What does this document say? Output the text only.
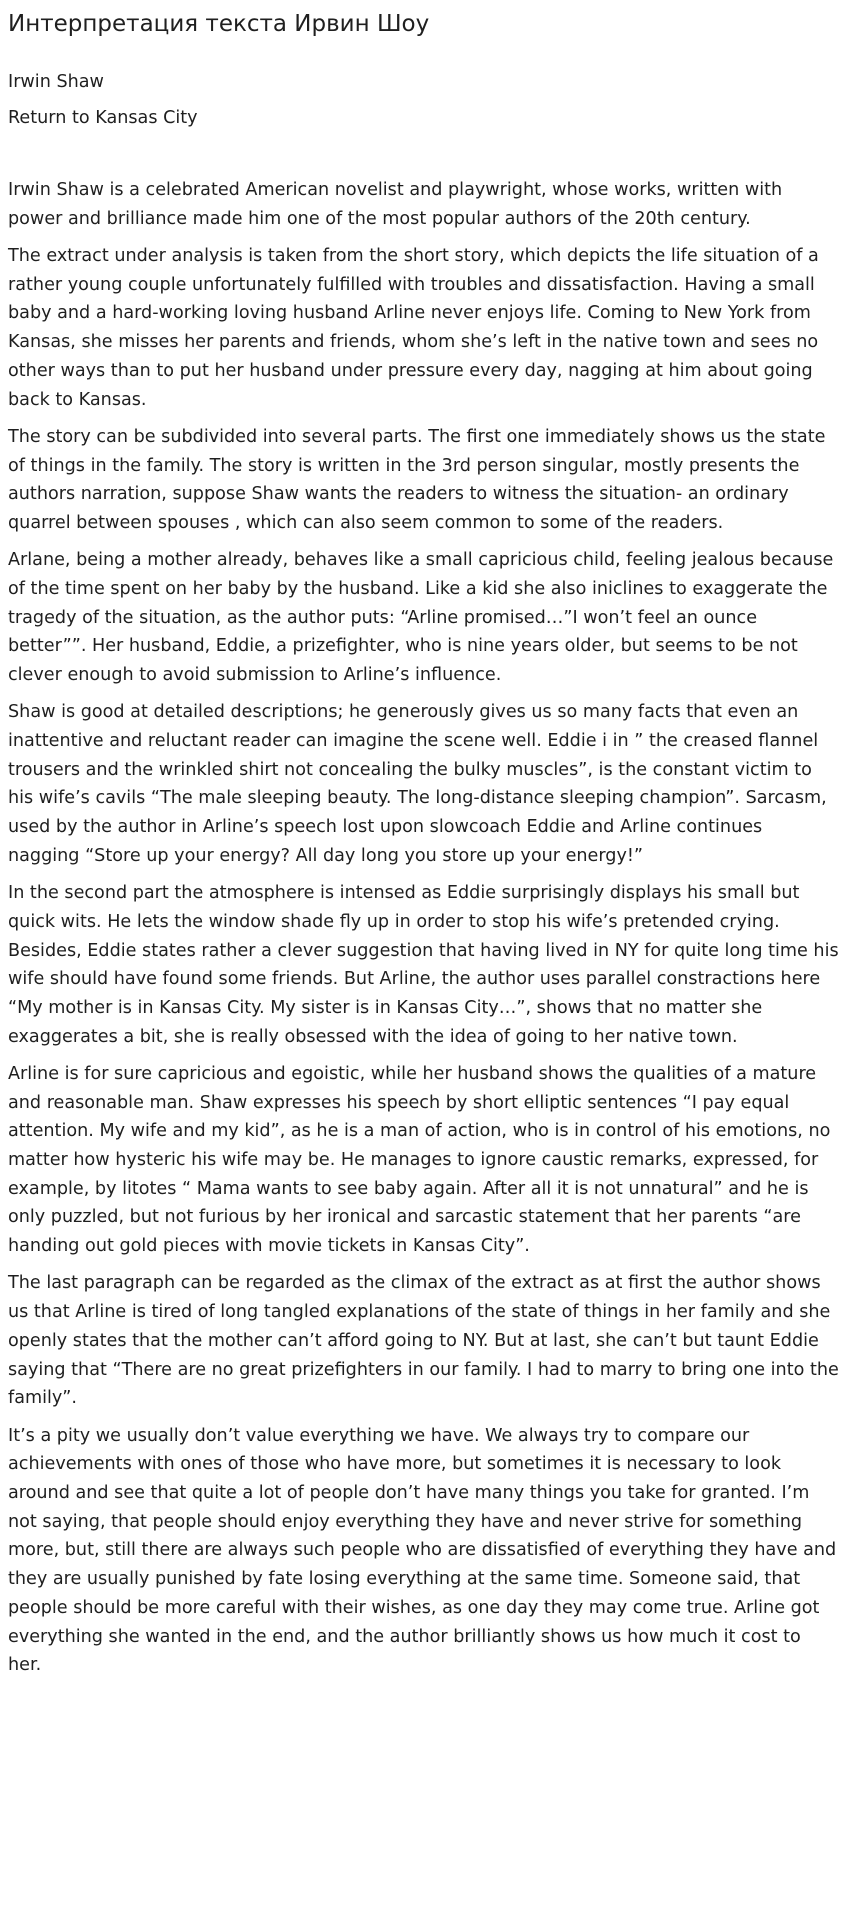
Интерпретация текста Ирвин Шоу
Irwin Shaw
Return to Kansas City

Irwin Shaw is a celebrated American novelist and playwright, whose works, written with power and brilliance made him one of the most popular authors of the 20th century.

The extract under analysis is taken from the short story, which depicts the life situation of a rather young couple unfortunately fulfilled with troubles and dissatisfaction. Having a small baby and a hard-working loving husband Arline never enjoys life. Coming to New York from Kansas, she misses her parents and friends, whom she’s left in the native town and sees no other ways than to put her husband under pressure every day, nagging at him about going back to Kansas.

The story can be subdivided into several parts. The first one immediately shows us the state of things in the family. The story is written in the 3rd person singular, mostly presents the authors narration, suppose Shaw wants the readers to witness the situation- an ordinary quarrel between spouses , which can also seem common to some of the readers.

Arlane, being a mother already, behaves like a small capricious child, feeling jealous because of the time spent on her baby by the husband. Like a kid she also iniclines to exaggerate the tragedy of the situation, as the author puts: “Arline promised…”I won’t feel an ounce better””. Her husband, Eddie, a prizefighter, who is nine years older, but seems to be not clever enough to avoid submission to Arline’s influence.

Shaw is good at detailed descriptions; he generously gives us so many facts that even an inattentive and reluctant reader can imagine the scene well. Eddie i in ” the creased flannel trousers and the wrinkled shirt not concealing the bulky muscles”, is the constant victim to his wife’s cavils “The male sleeping beauty. The long-distance sleeping champion”. Sarcasm, used by the author in Arline’s speech lost upon slowcoach Eddie and Arline continues nagging “Store up your energy? All day long you store up your energy!”

In the second part the atmosphere is intensed as Eddie surprisingly displays his small but quick wits. He lets the window shade fly up in order to stop his wife’s pretended crying. Besides, Eddie states rather a clever suggestion that having lived in NY for quite long time his wife should have found some friends. But Arline, the author uses parallel constractions here  “My mother is in Kansas City. My sister is in Kansas City…”, shows that no matter she exaggerates a bit, she is really obsessed with the idea of going to her native town.

Arline is for sure capricious and egoistic, while her husband shows the qualities of a mature and reasonable man. Shaw expresses his speech by short elliptic sentences “I pay equal attention. My wife and my kid”, as he is a man of action, who is in control of his emotions, no matter how hysteric his wife may be. He manages to ignore caustic remarks, expressed, for example, by litotes “ Mama wants to see baby again. After all it is not unnatural” and he is only puzzled, but not furious by her ironical and sarcastic statement that her parents “are handing out gold pieces with movie tickets in Kansas City”.

The last paragraph can be regarded as the climax of the extract as at first the author shows us that Arline is tired of long tangled explanations of the state of things in her family and she openly states that the mother can’t afford going to NY. But at last, she can’t but taunt Eddie saying that “There are no great prizefighters in our family. I had to marry to bring one into the family”.

It’s a pity we usually don’t value everything we have. We always try to compare our achievements with ones of those who have more, but sometimes it is necessary to look around and see that quite a lot of people don’t have many things you take for granted. I’m not saying, that people should enjoy everything they have and never strive for something more, but, still there are always such people who are dissatisfied of everything they have and they are usually punished by fate losing everything at the same time. Someone said, that people should be more careful with their wishes, as one day they may come true. Arline got everything she wanted in the end, and the author brilliantly shows us how much it cost to her.
